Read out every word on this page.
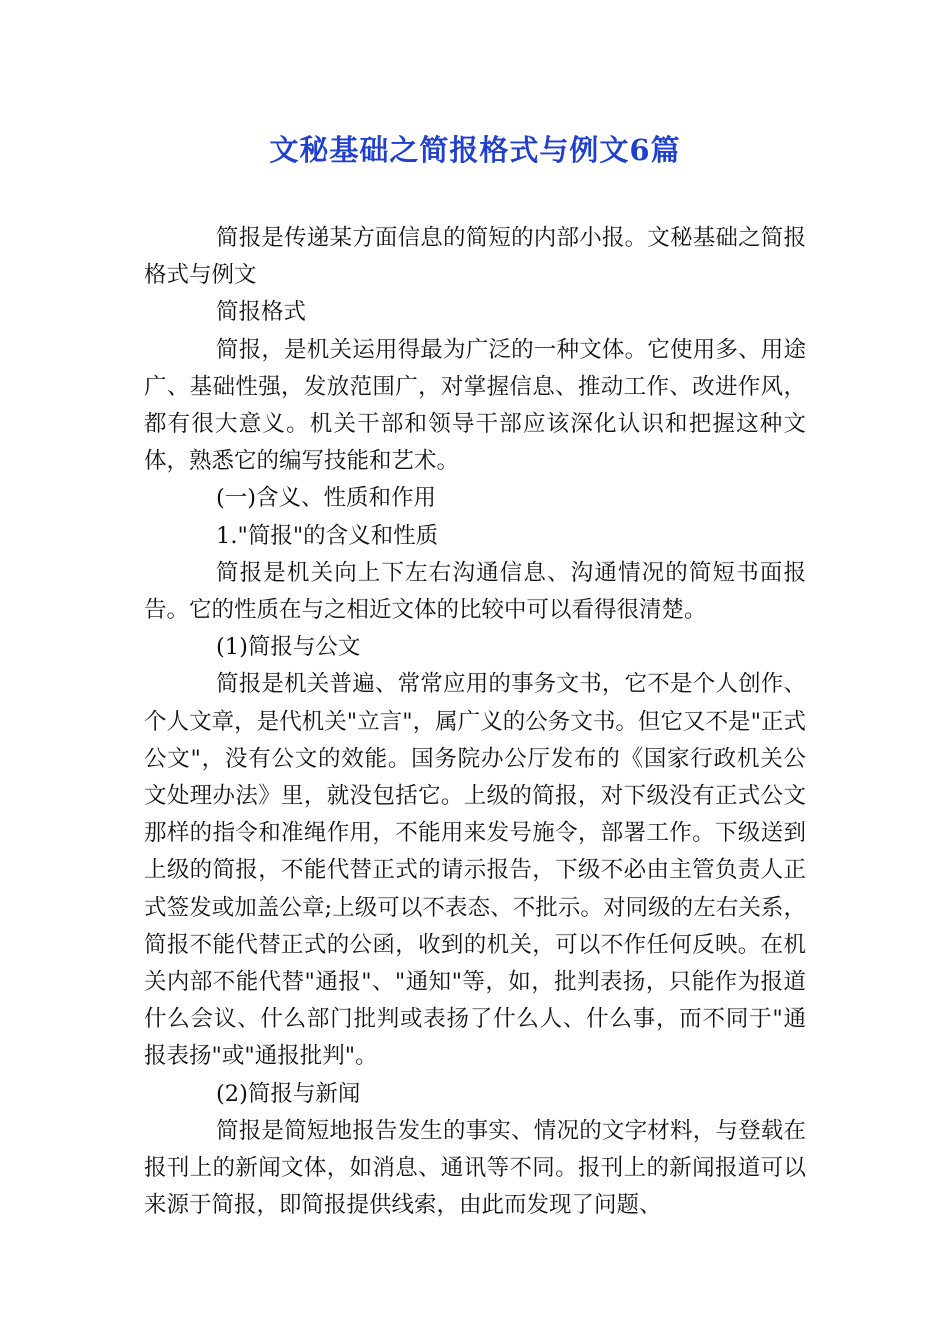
文秘基础之简报格式与例文6篇

简报是传递某方面信息的简短的内部小报。文秘基础之简报格式与例文

简报格式

简报，是机关运用得最为广泛的一种文体。它使用多、用途广、基础性强，发放范围广，对掌握信息、推动工作、改进作风，都有很大意义。机关干部和领导干部应该深化认识和把握这种文体，熟悉它的编写技能和艺术。

(一)含义、性质和作用

1."简报"的含义和性质

简报是机关向上下左右沟通信息、沟通情况的简短书面报告。它的性质在与之相近文体的比较中可以看得很清楚。

(1)简报与公文

简报是机关普遍、常常应用的事务文书，它不是个人创作、个人文章，是代机关"立言"，属广义的公务文书。但它又不是"正式公文"，没有公文的效能。国务院办公厅发布的《国家行政机关公文处理办法》里，就没包括它。上级的简报，对下级没有正式公文那样的指令和准绳作用，不能用来发号施令，部署工作。下级送到上级的简报，不能代替正式的请示报告，下级不必由主管负责人正式签发或加盖公章;上级可以不表态、不批示。对同级的左右关系，简报不能代替正式的公函，收到的机关，可以不作任何反映。在机关内部不能代替"通报"、"通知"等，如，批判表扬，只能作为报道什么会议、什么部门批判或表扬了什么人、什么事，而不同于"通报表扬"或"通报批判"。

(2)简报与新闻

简报是简短地报告发生的事实、情况的文字材料，与登载在报刊上的新闻文体，如消息、通讯等不同。报刊上的新闻报道可以来源于简报，即简报提供线索，由此而发现了问题、
